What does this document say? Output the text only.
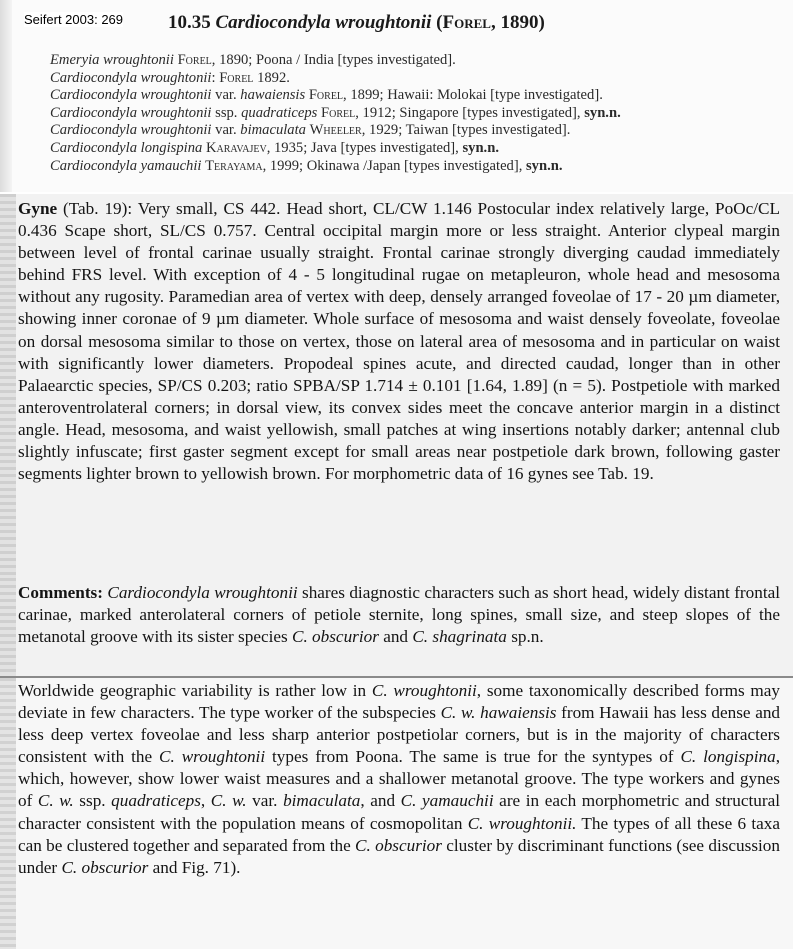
Seifert 2003: 269 10.35 Cardiocondyla wroughtonii (Forel, 1890)
Emeryia wroughtonii Forel, 1890; Poona / India [types investigated].
Cardiocondyla wroughtonii: Forel 1892.
Cardiocondyla wroughtonii var. hawaiensis Forel, 1899; Hawaii: Molokai [type investigated].
Cardiocondyla wroughtonii ssp. quadraticeps Forel, 1912; Singapore [types investigated], syn.n.
Cardiocondyla wroughtonii var. bimaculata Wheeler, 1929; Taiwan [types investigated].
Cardiocondyla longispina Karavajev, 1935; Java [types investigated], syn.n.
Cardiocondyla yamauchii Terayama, 1999; Okinawa /Japan [types investigated], syn.n.

Gyne (Tab. 19): Very small, CS 442. Head short, CL/CW 1.146 Postocular index relatively large, PoOc/CL 0.436 Scape short, SL/CS 0.757. Central occipital margin more or less straight. Anterior clypeal margin between level of frontal carinae usually straight. Frontal carinae strongly diverging caudad immediately behind FRS level. With exception of 4 - 5 longitudinal rugae on metapleuron, whole head and mesosoma without any rugosity. Paramedian area of vertex with deep, densely arranged foveolae of 17 - 20 µm diameter, showing inner coronae of 9 µm diameter. Whole surface of mesosoma and waist densely foveolate, foveolae on dorsal mesosoma similar to those on vertex, those on lateral area of mesosoma and in particular on waist with significantly lower diameters. Propodeal spines acute, and directed caudad, longer than in other Palaearctic species, SP/CS 0.203; ratio SPBA/SP 1.714 ± 0.101 [1.64, 1.89] (n = 5). Postpetiole with marked anteroventrolateral corners; in dorsal view, its convex sides meet the concave anterior margin in a distinct angle. Head, mesosoma, and waist yellowish, small patches at wing insertions notably darker; antennal club slightly infuscate; first gaster segment except for small areas near postpetiole dark brown, following gaster segments lighter brown to yellowish brown. For morphometric data of 16 gynes see Tab. 19.

Comments: Cardiocondyla wroughtonii shares diagnostic characters such as short head, widely distant frontal carinae, marked anterolateral corners of petiole sternite, long spines, small size, and steep slopes of the metanotal groove with its sister species C. obscurior and C. shagrinata sp.n.

Worldwide geographic variability is rather low in C. wroughtonii, some taxonomically described forms may deviate in few characters. The type worker of the subspecies C. w. hawaiensis from Hawaii has less dense and less deep vertex foveolae and less sharp anterior postpetiolar corners, but is in the majority of characters consistent with the C. wroughtonii types from Poona. The same is true for the syntypes of C. longispina, which, however, show lower waist measures and a shallower metanotal groove. The type workers and gynes of C. w. ssp. quadraticeps, C. w. var. bimaculata, and C. yamauchii are in each morphometric and structural character consistent with the population means of cosmopolitan C. wroughtonii. The types of all these 6 taxa can be clustered together and separated from the C. obscurior cluster by discriminant functions (see discussion under C. obscurior and Fig. 71).
